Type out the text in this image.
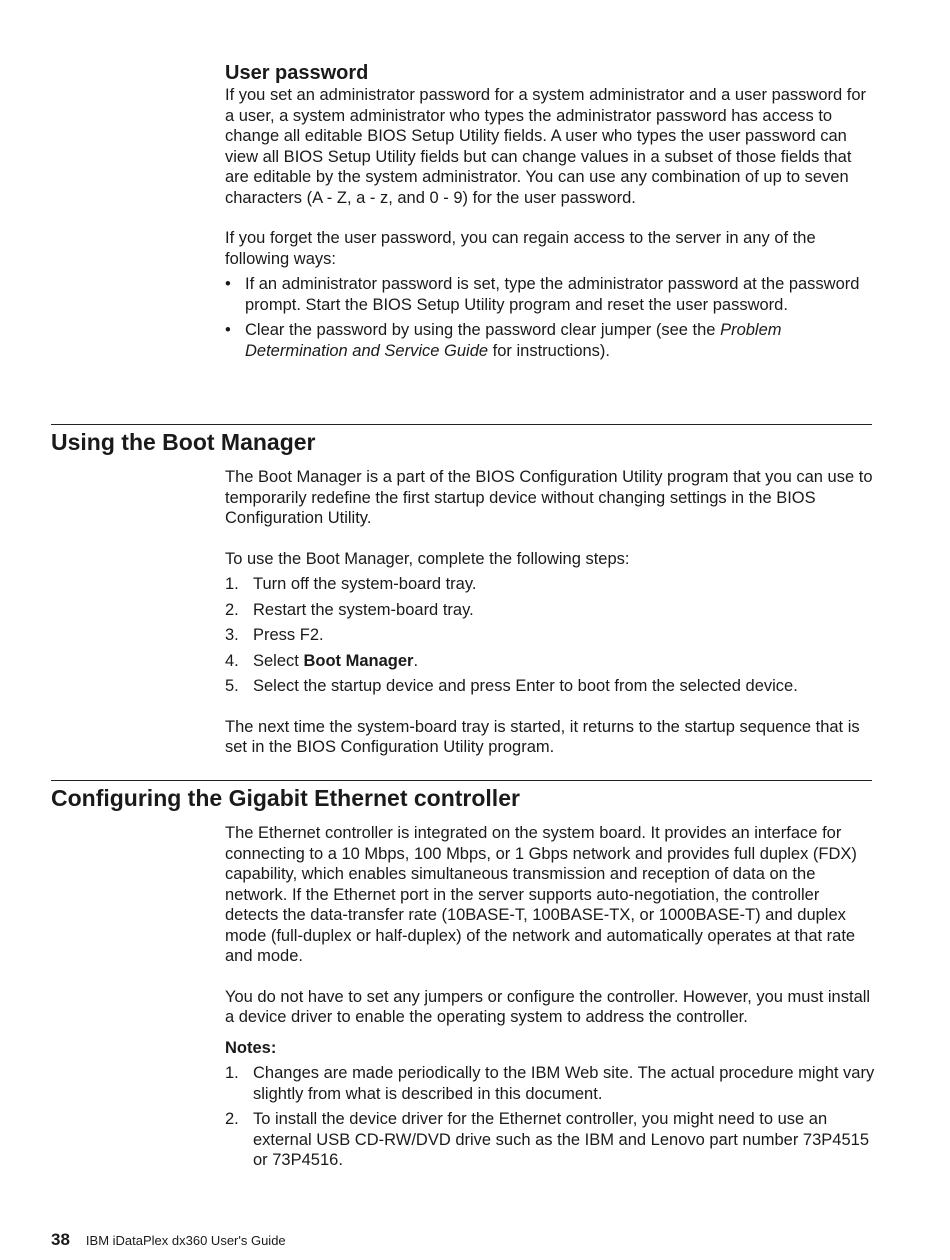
User password

If you set an administrator password for a system administrator and a user password for a user, a system administrator who types the administrator password has access to change all editable BIOS Setup Utility fields. A user who types the user password can view all BIOS Setup Utility fields but can change values in a subset of those fields that are editable by the system administrator. You can use any combination of up to seven characters (A - Z, a - z, and 0 - 9) for the user password.

If you forget the user password, you can regain access to the server in any of the following ways:

• If an administrator password is set, type the administrator password at the password prompt. Start the BIOS Setup Utility program and reset the user password.
• Clear the password by using the password clear jumper (see the Problem Determination and Service Guide for instructions).
Using the Boot Manager

The Boot Manager is a part of the BIOS Configuration Utility program that you can use to temporarily redefine the first startup device without changing settings in the BIOS Configuration Utility.

To use the Boot Manager, complete the following steps:

1. Turn off the system-board tray.
2. Restart the system-board tray.
3. Press F2.
4. Select Boot Manager.
5. Select the startup device and press Enter to boot from the selected device.

The next time the system-board tray is started, it returns to the startup sequence that is set in the BIOS Configuration Utility program.

Configuring the Gigabit Ethernet controller

The Ethernet controller is integrated on the system board. It provides an interface for connecting to a 10 Mbps, 100 Mbps, or 1 Gbps network and provides full duplex (FDX) capability, which enables simultaneous transmission and reception of data on the network. If the Ethernet port in the server supports auto-negotiation, the controller detects the data-transfer rate (10BASE-T, 100BASE-TX, or 1000BASE-T) and duplex mode (full-duplex or half-duplex) of the network and automatically operates at that rate and mode.

You do not have to set any jumpers or configure the controller. However, you must install a device driver to enable the operating system to address the controller.

Notes:

1. Changes are made periodically to the IBM Web site. The actual procedure might vary slightly from what is described in this document.
2. To install the device driver for the Ethernet controller, you might need to use an external USB CD-RW/DVD drive such as the IBM and Lenovo part number 73P4515 or 73P4516.
38 IBM iDataPlex dx360 User's Guide
